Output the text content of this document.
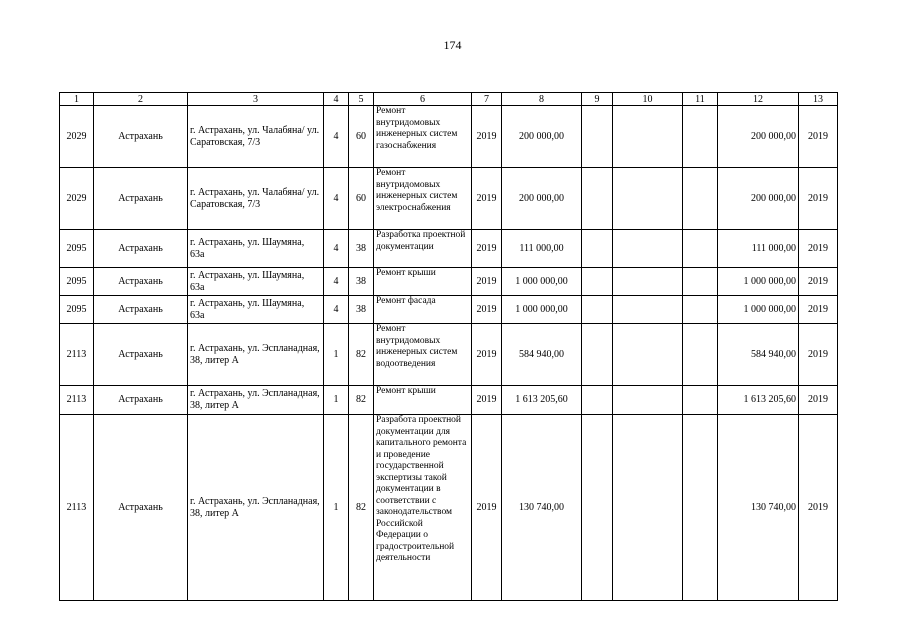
174
1	2	3	4	5	6	7	8	9	10	11	12	13
2029	Астрахань	г. Астрахань, ул. Чалабяна/ ул. Саратовская, 7/3	4	60	Ремонт внутридомовых инженерных систем газоснабжения	2019	200 000,00				200 000,00	2019
2029	Астрахань	г. Астрахань, ул. Чалабяна/ ул. Саратовская, 7/3	4	60	Ремонт внутридомовых инженерных систем электроснабжения	2019	200 000,00				200 000,00	2019
2095	Астрахань	г. Астрахань, ул. Шаумяна, 63а	4	38	Разработка проектной документации	2019	111 000,00				111 000,00	2019
2095	Астрахань	г. Астрахань, ул. Шаумяна, 63а	4	38	Ремонт крыши	2019	1 000 000,00				1 000 000,00	2019
2095	Астрахань	г. Астрахань, ул. Шаумяна, 63а	4	38	Ремонт фасада	2019	1 000 000,00				1 000 000,00	2019
2113	Астрахань	г. Астрахань, ул. Эспланадная, 38, литер А	1	82	Ремонт внутридомовых инженерных систем водоотведения	2019	584 940,00				584 940,00	2019
2113	Астрахань	г. Астрахань, ул. Эспланадная, 38, литер А	1	82	Ремонт крыши	2019	1 613 205,60				1 613 205,60	2019
2113	Астрахань	г. Астрахань, ул. Эспланадная, 38, литер А	1	82	Разработа проектной документации для капитального ремонта и проведение государственной экспертизы такой документации в соответствии с законодательством Российской Федерации о градостроительной деятельности	2019	130 740,00				130 740,00	2019
